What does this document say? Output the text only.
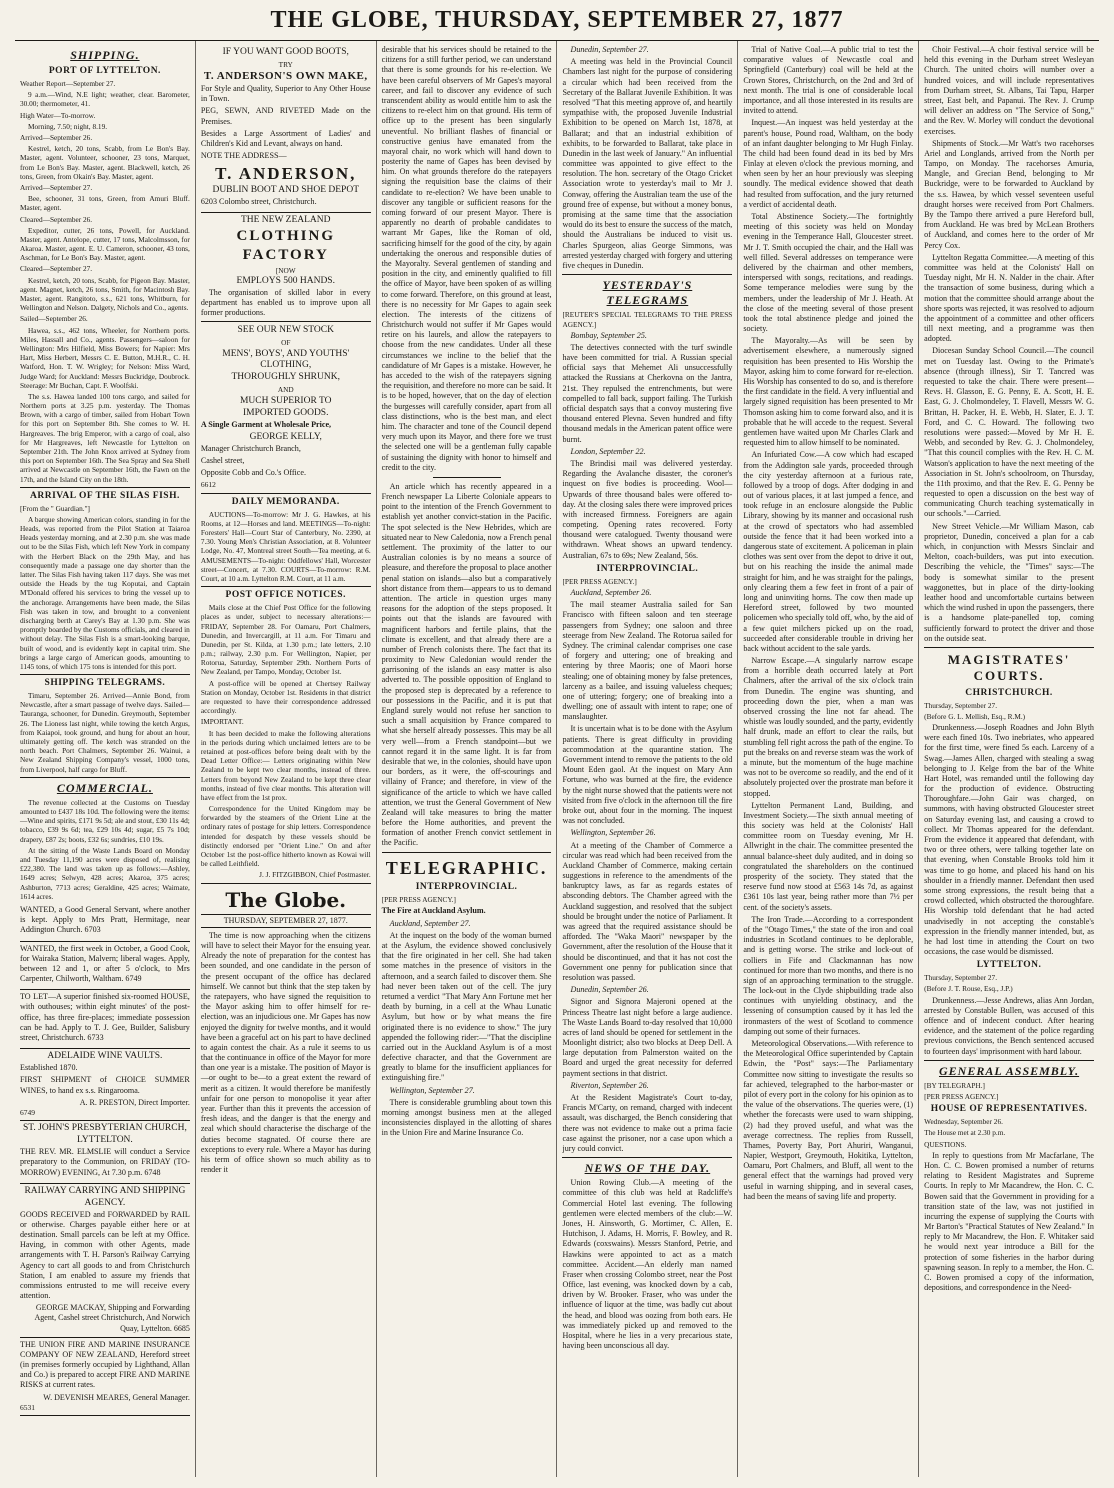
THE GLOBE, THURSDAY, SEPTEMBER 27, 1877
SHIPPING.
PORT OF LYTTELTON.

Weather Report—September 27.

9 a.m.—Wind, N.E light; weather, clear. Barometer, 30.00; thermometer, 41.

High Water—To-morrow.

Morning, 7.50; night, 8.19.

Arrived—September 26.

Kestrel, ketch, 20 tons, Scabb, from Le Bon's Bay. Master, agent. Volunteer, schooner, 23 tons, Marquet, from Le Bon's Bay. Master, agent. Blackwell, ketch, 26 tons, Green, from Okain's Bay. Master, agent.

Arrived—September 27.

Bee, schooner, 31 tons, Green, from Amuri Bluff. Master, agent.

Cleared—September 26.

Expeditor, cutter, 26 tons, Powell, for Auckland. Master, agent. Antelope, cutter, 17 tons, Malcolmsson, for Akaroa. Master, agent. E. U. Cameron, schooner, 43 tons, Aschman, for Le Bon's Bay. Master, agent.

Cleared—September 27.

Kestrel, ketch, 20 tons, Scabb, for Pigeon Bay. Master, agent. Magnet, ketch, 26 tons, Smith, for Macintosh Bay. Master, agent. Rangitoto, s.s., 621 tons, Whitburn, for Wellington and Nelson. Dalgety, Nichols and Co., agents.

Sailed—September 26.

Hawea, s.s., 462 tons, Wheeler, for Northern ports. Miles, Hassall and Co., agents. Passengers—saloon for Wellington: Mrs Hilfield, Miss Bowers; for Napier: Mrs Hart, Miss Herbert, Messrs C. E. Button, M.H.R., C. H. Watford, Hon. T. W. Wrigley; for Nelson: Miss Ward, Judge Ward; for Auckland: Messrs Buckridge, Doubrock. Steerage: Mr Buchan, Capt. F. Woolfski.

The s.s. Hawea landed 100 tons cargo, and sailed for Northern ports at 3.25 p.m. yesterday. The Thomas Brown, with a cargo of timber, sailed from Hobart Town for this port on September 8th. She comes to W. H. Hargreaves. The brig Emperor, with a cargo of coal, also for Mr Hargreaves, left Newcastle for Lyttelton on September 21th. The John Knox arrived at Sydney from this port on September 16th. The Sea Spray and Sea Shell arrived at Newcastle on September 16th, the Fawn on the 17th, and the Island City on the 18th.

ARRIVAL OF THE SILAS FISH.

[From the " Guardian."]

A barque showing American colors, standing in for the Heads, was reported from the Pilot Station at Taiaroa Heads yesterday morning, and at 2.30 p.m. she was made out to be the Silas Fish, which left New York in company with the Herbert Black on the 29th May, and has consequently made a passage one day shorter than the latter. The Silas Fish having taken 117 days. She was met outside the Heads by the tug Koputai, and Captain M'Donald offered his services to bring the vessel up to the anchorage. Arrangements have been made, the Silas Fish was taken in tow, and brought to a convenient discharging berth at Carey's Bay at 1.30 p.m. She was promptly boarded by the Customs officials, and cleared in without delay. The Silas Fish is a smart-looking barque, built of wood, and is evidently kept in capital trim. She brings a large cargo of American goods, amounting to 1145 tons, of which 175 tons is intended for this port.

SHIPPING TELEGRAMS.

Timaru, September 26. Arrived—Annie Bond, from Newcastle, after a smart passage of twelve days. Sailed—Tauranga, schooner, for Dunedin. Greymouth, September 26. The Lioness last night, while towing the ketch Argus, from Kaiapoi, took ground, and hung for about an hour, ultimately getting off. The ketch was stranded on the north beach. Port Chalmers, September 26. Wainui, a New Zealand Shipping Company's vessel, 1000 tons, from Liverpool, half cargo for Bluff.

COMMERCIAL.

The revenue collected at the Customs on Tuesday amounted to £437 18s 10d. The following were the items:—Wine and spirits, £171 9s 5d; ale and stout, £30 11s 4d; tobacco, £39 9s 6d; tea, £29 10s 4d; sugar, £5 7s 10d; drapery, £87 2s; boots, £32 6s; sundries, £10 19s.

At the sitting of the Waste Lands Board on Monday and Tuesday 11,190 acres were disposed of, realising £22,380. The land was taken up as follows:—Ashley, 1649 acres; Selwyn, 428 acres; Akaroa, 375 acres; Ashburton, 7713 acres; Geraldine, 425 acres; Waimate, 1614 acres.

WANTED, a Good General Servant, where another is kept. Apply to Mrs Pratt, Hermitage, near Addington Church. 6703

WANTED, the first week in October, a Good Cook, for Wairaka Station, Malvern; liberal wages. Apply, between 12 and 1, or after 5 o'clock, to Mrs Carpenter, Chilworth, Waltham. 6749

TO LET—A superior finished six-roomed HOUSE, with outhouses; within eight minutes' of the post-office, has three fire-places; immediate possession can be had. Apply to T. J. Gee, Builder, Salisbury street, Christchurch. 6733

ADELAIDE WINE VAULTS.

Established 1870.

FIRST SHIPMENT of CHOICE SUMMER WINES, to hand ex s.s. Ringarooma.

A. R. PRESTON, Direct Importer.
6749
ST. JOHN'S PRESBYTERIAN CHURCH, LYTTELTON.

THE REV. MR. ELMSLIE will conduct a Service preparatory to the Communion, on FRIDAY (TO-MORROW) EVENING, At 7.30 p.m. 6748

RAILWAY CARRYING AND SHIPPING AGENCY.

GOODS RECEIVED and FORWARDED by RAIL or otherwise. Charges payable either here or at destination. Small parcels can be left at my Office. Having, in common with other Agents, made arrangements with T. H. Parson's Railway Carrying Agency to cart all goods to and from Christchurch Station, I am enabled to assure my friends that commissions entrusted to me will receive every attention.

GEORGE MACKAY, Shipping and Forwarding Agent, Cashel street Christchurch, And Norwich Quay, Lyttelton. 6685

THE UNION FIRE AND MARINE INSURANCE COMPANY OF NEW ZEALAND, Hereford street (in premises formerly occupied by Lighthand, Allan and Co.) is prepared to accept FIRE AND MARINE RISKS at current rates.

W. DEVENISH MEARES, General Manager.
6531
IF YOU WANT GOOD BOOTS,
TRY
T. ANDERSON'S OWN MAKE,

For Style and Quality, Superior to Any Other House in Town.

PEG, SEWN, AND RIVETED Made on the Premises.

Besides a Large Assortment of Ladies' and Children's Kid and Levant, always on hand.

NOTE THE ADDRESS—

T. ANDERSON,
DUBLIN BOOT AND SHOE DEPOT

6203 Colombo street, Christchurch.

THE NEW ZEALAND
CLOTHING FACTORY
[NOW
EMPLOYS 500 HANDS.

The organisation of skilled labor in every department has enabled us to improve upon all former productions.

SEE OUR NEW STOCK
OF
MENS', BOYS', AND YOUTHS'
CLOTHING,
THOROUGHLY SHRUNK,
AND
MUCH SUPERIOR TO
IMPORTED GOODS.

A Single Garment at Wholesale Price,

GEORGE KELLY,

Manager Christchurch Branch,

Cashel street,

Opposite Cobb and Co.'s Office.

6612
DAILY MEMORANDA.

AUCTIONS—To-morrow: Mr J. G. Hawkes, at his Rooms, at 12—Horses and land. MEETINGS—To-night: Foresters' Hall—Court Star of Canterbury, No. 2390, at 7.30. Young Men's Christian Association, at 8. Volunteer Lodge, No. 47, Montreal street South—Tea meeting, at 6. AMUSEMENTS—To-night: Oddfellows' Hall, Worcester street—Concert, at 7.30. COURTS—To-morrow: R.M. Court, at 10 a.m. Lyttelton R.M. Court, at 11 a.m.

POST OFFICE NOTICES.

Mails close at the Chief Post Office for the following places as under, subject to necessary alterations:— FRIDAY, September 28. For Oamaru, Port Chalmers, Dunedin, and Invercargill, at 11 a.m. For Timaru and Dunedin, per St. Kilda, at 1.30 p.m.; late letters, 2.10 p.m.; railway, 2.30 p.m. For Wellington, Napier, per Rotorua, Saturday, September 29th. Northern Ports of New Zealand, per Tampo, Monday, October 1st.

A post-office will be opened at Chertsey Railway Station on Monday, October 1st. Residents in that district are requested to have their correspondence addressed accordingly.

IMPORTANT.

It has been decided to make the following alterations in the periods during which unclaimed letters are to be retained at post-offices before being dealt with by the Dead Letter Office:— Letters originating within New Zealand to be kept two clear months, instead of three. Letters from beyond New Zealand to be kept three clear months, instead of five clear months. This alteration will have effect from the 1st prox.

Correspondence for the United Kingdom may be forwarded by the steamers of the Orient Line at the ordinary rates of postage for ship letters. Correspondence intended for despatch by these vessels should be distinctly endorsed per "Orient Line." On and after October 1st the post-office hitherto known as Kowai will be called Leithfield.

J. J. FITZGIBBON, Chief Postmaster.
The Globe.
THURSDAY, SEPTEMBER 27, 1877.

The time is now approaching when the citizens will have to select their Mayor for the ensuing year. Already the note of preparation for the contest has been sounded, and one candidate in the person of the present occupant of the office has declared himself. We cannot but think that the step taken by the ratepayers, who have signed the requisition to the Mayor asking him to offer himself for re-election, was an injudicious one. Mr Gapes has now enjoyed the dignity for twelve months, and it would have been a graceful act on his part to have declined to again contest the chair. As a rule it seems to us that the continuance in office of the Mayor for more than one year is a mistake. The position of Mayor is—or ought to be—to a great extent the reward of merit as a citizen. It would therefore be manifestly unfair for one person to monopolise it year after year. Further than this it prevents the accession of fresh ideas, and the danger is that the energy and zeal which should characterise the discharge of the duties become stagnated. Of course there are exceptions to every rule. Where a Mayor has during his term of office shown so much ability as to render it

desirable that his services should be retained to the citizens for a still further period, we can understand that there is some grounds for his re-election. We have been careful observers of Mr Gapes's mayoral career, and fail to discover any evidence of such transcendent ability as would entitle him to ask the citizens to re-elect him on that ground. His term of office up to the present has been singularly uneventful. No brilliant flashes of financial or constructive genius have emanated from the mayoral chair, no work which will hand down to posterity the name of Gapes has been devised by him. On what grounds therefore do the ratepayers signing the requisition base the claims of their candidate to re-election? We have been unable to discover any tangible or sufficient reasons for the coming forward of our present Mayor. There is apparently no dearth of probable candidates to warrant Mr Gapes, like the Roman of old, sacrificing himself for the good of the city, by again undertaking the onerous and responsible duties of the Mayoralty. Several gentlemen of standing and position in the city, and eminently qualified to fill the office of Mayor, have been spoken of as willing to come forward. Therefore, on this ground at least, there is no necessity for Mr Gapes to again seek election. The interests of the citizens of Christchurch would not suffer if Mr Gapes would retire on his laurels, and allow the ratepayers to choose from the new candidates. Under all these circumstances we incline to the belief that the candidature of Mr Gapes is a mistake. However, he has acceded to the wish of the ratepayers signing the requisition, and therefore no more can be said. It is to be hoped, however, that on the day of election the burgesses will carefully consider, apart from all class distinctions, who is the best man, and elect him. The character and tone of the Council depend very much upon its Mayor, and there fore we trust the selected one will be a gentleman fully capable of sustaining the dignity with honor to himself and credit to the city.

An article which has recently appeared in a French newspaper La Liberte Coloniale appears to point to the intention of the French Government to establish yet another convict-station in the Pacific. The spot selected is the New Hebrides, which are situated near to New Caledonia, now a French penal settlement. The proximity of the latter to our Australian colonies is by no means a source of pleasure, and therefore the proposal to place another penal station on islands—also but a comparatively short distance from them—appears to us to demand attention. The article in question urges many reasons for the adoption of the steps proposed. It points out that the islands are favoured with magnificent harbors and fertile plains, that the climate is excellent, and that already there are a number of French colonists there. The fact that its proximity to New Caledonian would render the garrisoning of the islands an easy matter is also adverted to. The possible opposition of England to the proposed step is deprecated by a reference to our possessions in the Pacific, and it is put that England surely would not refuse her sanction to such a small acquisition by France compared to what she herself already possesses. This may be all very well—from a French standpoint—but we cannot regard it in the same light. It is far from desirable that we, in the colonies, should have upon our borders, as it were, the off-scourings and villainy of France; and therefore, in view of the significance of the article to which we have called attention, we trust the General Government of New Zealand will take measures to bring the matter before the Home authorities, and prevent the formation of another French convict settlement in the Pacific.

TELEGRAPHIC.
INTERPROVINCIAL.

[PER PRESS AGENCY.]

The Fire at Auckland Asylum.

Auckland, September 27.

At the inquest on the body of the woman burned at the Asylum, the evidence showed conclusively that the fire originated in her cell. She had taken some matches in the presence of visitors in the afternoon, and a search failed to discover them. She had never been taken out of the cell. The jury returned a verdict "That Mary Ann Fortune met her death by burning, in a cell at the Whau Lunatic Asylum, but how or by what means the fire originated there is no evidence to show." The jury appended the following rider:—"That the discipline carried out in the Auckland Asylum is of a most defective character, and that the Government are greatly to blame for the insufficient appliances for extinguishing fire."

Wellington, September 27.

There is considerable grumbling about town this morning amongst business men at the alleged inconsistencies displayed in the allotting of shares in the Union Fire and Marine Insurance Co.

Dunedin, September 27.

A meeting was held in the Provincial Council Chambers last night for the purpose of considering a circular which had been received from the Secretary of the Ballarat Juvenile Exhibition. It was resolved "That this meeting approve of, and heartily sympathise with, the proposed Juvenile Industrial Exhibition to be opened on March 1st, 1878, at Ballarat; and that an industrial exhibition of exhibits, to be forwarded to Ballarat, take place in Dunedin in the last week of January." An influential committee was appointed to give effect to the resolution. The hon. secretary of the Otago Cricket Association wrote to yesterday's mail to Mr J. Conway, offering the Australian team the use of the ground free of expense, but without a money bonus, promising at the same time that the association would do its best to ensure the success of the match, should the Australians be induced to visit us. Charles Spurgeon, alias George Simmons, was arrested yesterday charged with forgery and uttering five cheques in Dunedin.

YESTERDAY'S TELEGRAMS

[REUTER'S SPECIAL TELEGRAMS TO THE PRESS AGENCY.]

Bombay, September 25.

The detectives connected with the turf swindle have been committed for trial. A Russian special official says that Mehemet Ali unsuccessfully attacked the Russians at Cherkovna on the Jantra, 21st. They repulsed the entrenchments, but were compelled to fall back, support failing. The Turkish official despatch says that a convoy mustering five thousand entered Plevna. Seven hundred and fifty thousand medals in the American patent office were burnt.

London, September 22.

The Brindisi mail was delivered yesterday. Regarding the Avalanche disaster, the coroner's inquest on five bodies is proceeding. Wool—Upwards of three thousand bales were offered to-day. At the closing sales there were improved prices with increased firmness. Foreigners are again competing. Opening rates recovered. Forty thousand were catalogued. Twenty thousand were withdrawn. Wheat shows an upward tendency. Australian, 67s to 69s; New Zealand, 56s.

INTERPROVINCIAL.

[PER PRESS AGENCY.]

Auckland, September 26.

The mail steamer Australia sailed for San Francisco with fifteen saloon and ten steerage passengers from Sydney; one saloon and three steerage from New Zealand. The Rotorua sailed for Sydney. The criminal calendar comprises one case of forgery and uttering; one of breaking and entering by three Maoris; one of Maori horse stealing; one of obtaining money by false pretences, larceny as a bailee, and issuing valueless cheques; one of uttering; forgery; one of breaking into a dwelling; one of assault with intent to rape; one of manslaughter.

It is uncertain what is to be done with the Asylum patients. There is great difficulty in providing accommodation at the quarantine station. The Government intend to remove the patients to the old Mount Eden gaol. At the inquest on Mary Ann Fortune, who was burned at the fire, the evidence by the night nurse showed that the patients were not visited from five o'clock in the afternoon till the fire broke out, about four in the morning. The inquest was not concluded.

Wellington, September 26.

At a meeting of the Chamber of Commerce a circular was read which had been received from the Auckland Chamber of Commerce, making certain suggestions in reference to the amendments of the bankruptcy laws, as far as regards estates of absconding debtors. The Chamber agreed with the Auckland suggestion, and resolved that the subject should be brought under the notice of Parliament. It was agreed that the required assistance should be afforded. The "Waka Maori" newspaper by the Government, after the resolution of the House that it should be discontinued, and that it has not cost the Government one penny for publication since that resolution was passed.

Dunedin, September 26.

Signor and Signora Majeroni opened at the Princess Theatre last night before a large audience. The Waste Lands Board to-day resolved that 10,000 acres of land should be opened for settlement in the Moonlight district; also two blocks at Deep Dell. A large deputation from Palmerston waited on the Board and urged the great necessity for deferred payment sections in that district.

Riverton, September 26.

At the Resident Magistrate's Court to-day, Francis M'Carty, on remand, charged with indecent assault, was discharged, the Bench considering that there was not evidence to make out a prima facie case against the prisoner, nor a case upon which a jury could convict.

NEWS OF THE DAY.

Union Rowing Club.—A meeting of the committee of this club was held at Radcliffe's Commercial Hotel last evening. The following gentlemen were elected members of the club:—W. Jones, H. Ainsworth, G. Mortimer, C. Allen, E. Hutchison, J. Adams, H. Morris, F. Bowley, and R. Edwards (coxswains). Messrs Stanford, Petrie, and Hawkins were appointed to act as a match committee. Accident.—An elderly man named Fraser when crossing Colombo street, near the Post Office, last evening, was knocked down by a cab, driven by W. Brooker. Fraser, who was under the influence of liquor at the time, was badly cut about the head, and blood was oozing from both ears. He was immediately picked up and removed to the Hospital, where he lies in a very precarious state, having been unconscious all day.

Trial of Native Coal.—A public trial to test the comparative values of Newcastle coal and Springfield (Canterbury) coal will be held at the Crown Stores, Christchurch, on the 2nd and 3rd of next month. The trial is one of considerable local importance, and all those interested in its results are invited to attend.

Inquest.—An inquest was held yesterday at the parent's house, Pound road, Waltham, on the body of an infant daughter belonging to Mr Hugh Finlay. The child had been found dead in its bed by Mrs Finlay at eleven o'clock the previous morning, and when seen by her an hour previously was sleeping soundly. The medical evidence showed that death had resulted from suffocation, and the jury returned a verdict of accidental death.

Total Abstinence Society.—The fortnightly meeting of this society was held on Monday evening in the Temperance Hall, Gloucester street. Mr J. T. Smith occupied the chair, and the Hall was well filled. Several addresses on temperance were delivered by the chairman and other members, interspersed with songs, recitations, and readings. Some temperance melodies were sung by the members, under the leadership of Mr J. Heath. At the close of the meeting several of those present took the total abstinence pledge and joined the society.

The Mayoralty.—As will be seen by advertisement elsewhere, a numerously signed requisition has been presented to His Worship the Mayor, asking him to come forward for re-election. His Worship has consented to do so, and is therefore the first candidate in the field. A very influential and largely signed requisition has been presented to Mr Thomson asking him to come forward also, and it is probable that he will accede to the request. Several gentlemen have waited upon Mr Charles Clark and requested him to allow himself to be nominated.

An Infuriated Cow.—A cow which had escaped from the Addington sale yards, proceeded through the city yesterday afternoon at a furious rate, followed by a troop of dogs. After dodging in and out of various places, it at last jumped a fence, and took refuge in an enclosure alongside the Public Library, showing by its manner and occasional rush at the crowd of spectators who had assembled outside the fence that it had been worked into a dangerous state of excitement. A policeman in plain clothes was sent over from the depot to drive it out, but on his reaching the inside the animal made straight for him, and he was straight for the palings, only clearing them a few feet in front of a pair of long and uninviting horns. The cow then made up Hereford street, followed by two mounted policemen who specially told off, who, by the aid of a few quiet milchers picked up on the road, succeeded after considerable trouble in driving her back without accident to the sale yards.

Narrow Escape.—A singularly narrow escape from a horrible death occurred lately at Port Chalmers, after the arrival of the six o'clock train from Dunedin. The engine was shunting, and proceeding down the pier, when a man was observed crossing the line not far ahead. The whistle was loudly sounded, and the party, evidently half drunk, made an effort to clear the rails, but stumbling fell right across the path of the engine. To put the breaks on and reverse steam was the work of a minute, but the momentum of the huge machine was not to be overcome so readily, and the end of it absolutely projected over the prostrate man before it stopped.

Lyttelton Permanent Land, Building, and Investment Society.—The sixth annual meeting of this society was held at the Colonists' Hall committee room on Tuesday evening, Mr H. Allwright in the chair. The committee presented the annual balance-sheet duly audited, and in doing so congratulated the shareholders on the continued prosperity of the society. They stated that the reserve fund now stood at £563 14s 7d, as against £361 10s last year, being rather more than 7½ per cent. of the society's assets.

The Iron Trade.—According to a correspondent of the "Otago Times," the state of the iron and coal industries in Scotland continues to be deplorable, and is getting worse. The strike and lock-out of colliers in Fife and Clackmannan has now continued for more than two months, and there is no sign of an approaching termination to the struggle. The lock-out in the Clyde shipbuilding trade also continues with unyielding obstinacy, and the lessening of consumption caused by it has led the ironmasters of the west of Scotland to commence damping out some of their furnaces.

Meteorological Observations.—With reference to the Meteorological Office superintended by Captain Edwin, the "Post" says:—The Parliamentary Committee now sitting to investigate the results so far achieved, telegraphed to the harbor-master or pilot of every port in the colony for his opinion as to the value of the observations. The queries were, (1) whether the forecasts were used to warn shipping, (2) had they proved useful, and what was the average correctness. The replies from Russell, Thames, Poverty Bay, Port Ahuriri, Wanganui, Napier, Westport, Greymouth, Hokitika, Lyttelton, Oamaru, Port Chalmers, and Bluff, all went to the general effect that the warnings had proved very useful in warning shipping, and in several cases, had been the means of saving life and property.

Choir Festival.—A choir festival service will be held this evening in the Durham street Wesleyan Church. The united choirs will number over a hundred voices, and will include representatives from Durham street, St. Albans, Tai Tapu, Harper street, East belt, and Papanui. The Rev. J. Crump will deliver an address on "The Service of Song," and the Rev. W. Morley will conduct the devotional exercises.

Shipments of Stock.—Mr Watt's two racehorses Ariel and Longlands, arrived from the North per Tampo, on Monday. The racehorses Amuria, Mangle, and Grecian Bend, belonging to Mr Buckridge, were to be forwarded to Auckland by the s.s. Hawea, by which vessel seventeen useful draught horses were received from Port Chalmers. By the Tampo there arrived a pure Hereford bull, from Auckland. He was bred by McLean Brothers of Auckland, and comes here to the order of Mr Percy Cox.

Lyttelton Regatta Committee.—A meeting of this committee was held at the Colonists' Hall on Tuesday night, Mr H. N. Nalder in the chair. After the transaction of some business, during which a motion that the committee should arrange about the shore sports was rejected, it was resolved to adjourn the appointment of a committee and other officers till next meeting, and a programme was then adopted.

Diocesan Sunday School Council.—The council met on Tuesday last. Owing to the Primate's absence (through illness), Sir T. Tancred was requested to take the chair. There were present—Revs. H. Glasson, E. G. Penny, E. A. Scott, H. E. East, G. J. Cholmondeley, T. Flavell, Messrs W. G. Brittan, H. Packer, H. E. Webb, H. Slater, E. J. T. Ford, and C. C. Howard. The following two resolutions were passed:—Moved by Mr H. E. Webb, and seconded by Rev. G. J. Cholmondeley, "That this council complies with the Rev. H. C. M. Watson's application to have the next meeting of the Association in St. John's schoolroom, on Thursday, the 11th proximo, and that the Rev. E. G. Penny be requested to open a discussion on the best way of communicating Church teaching systematically in our schools."—Carried.

New Street Vehicle.—Mr William Mason, cab proprietor, Dunedin, conceived a plan for a cab which, in conjunction with Messrs Sinclair and Melton, coach-builders, was put into execution. Describing the vehicle, the "Times" says:—The body is somewhat similar to the present waggonettes, but in place of the dirty-looking leather hood and uncomfortable curtains between which the wind rushed in upon the passengers, there is a handsome plate-panelled top, coming sufficiently forward to protect the driver and those on the outside seat.

MAGISTRATES' COURTS.
CHRISTCHURCH.

Thursday, September 27.

(Before G. L. Mellish, Esq., R.M.)

Drunkenness.—Joseph Roadnes and John Blyth were each fined 10s. Two inebriates, who appeared for the first time, were fined 5s each. Larceny of a Swag.—James Allen, charged with stealing a swag belonging to J. Kelge from the bar of the White Hart Hotel, was remanded until the following day for the production of evidence. Obstructing Thoroughfare.—John Gair was charged, on summons, with having obstructed Gloucester street on Saturday evening last, and causing a crowd to collect. Mr Thomas appeared for the defendant. From the evidence it appeared that defendant, with two or three others, were talking together late on that evening, when Constable Brooks told him it was time to go home, and placed his hand on his shoulder in a friendly manner. Defendant then used some strong expressions, the result being that a crowd collected, which obstructed the thoroughfare. His Worship told defendant that he had acted unadvisedly in not accepting the constable's expression in the friendly manner intended, but, as he had lost time in attending the Court on two occasions, the case would be dismissed.

LYTTELTON.

Thursday, September 27.

(Before J. T. Rouse, Esq., J.P.)

Drunkenness.—Jesse Andrews, alias Ann Jordan, arrested by Constable Bullen, was accused of this offence and of indecent conduct. After hearing evidence, and the statement of the police regarding previous convictions, the Bench sentenced accused to fourteen days' imprisonment with hard labour.

GENERAL ASSEMBLY.

[BY TELEGRAPH.]

[PER PRESS AGENCY.]

HOUSE OF REPRESENTATIVES.

Wednesday, September 26.

The House met at 2.30 p.m.

QUESTIONS.

In reply to questions from Mr Macfarlane, The Hon. C. C. Bowen promised a number of returns relating to Resident Magistrates and Supreme Courts. In reply to Mr Macandrew, the Hon. C. C. Bowen said that the Government in providing for a transition state of the law, was not justified in incurring the expense of supplying the Courts with Mr Barton's "Practical Statutes of New Zealand." In reply to Mr Macandrew, the Hon. F. Whitaker said he would next year introduce a Bill for the protection of some fisheries in the harbor during spawning season. In reply to a member, the Hon. C. C. Bowen promised a copy of the information, depositions, and correspondence in the Need-
